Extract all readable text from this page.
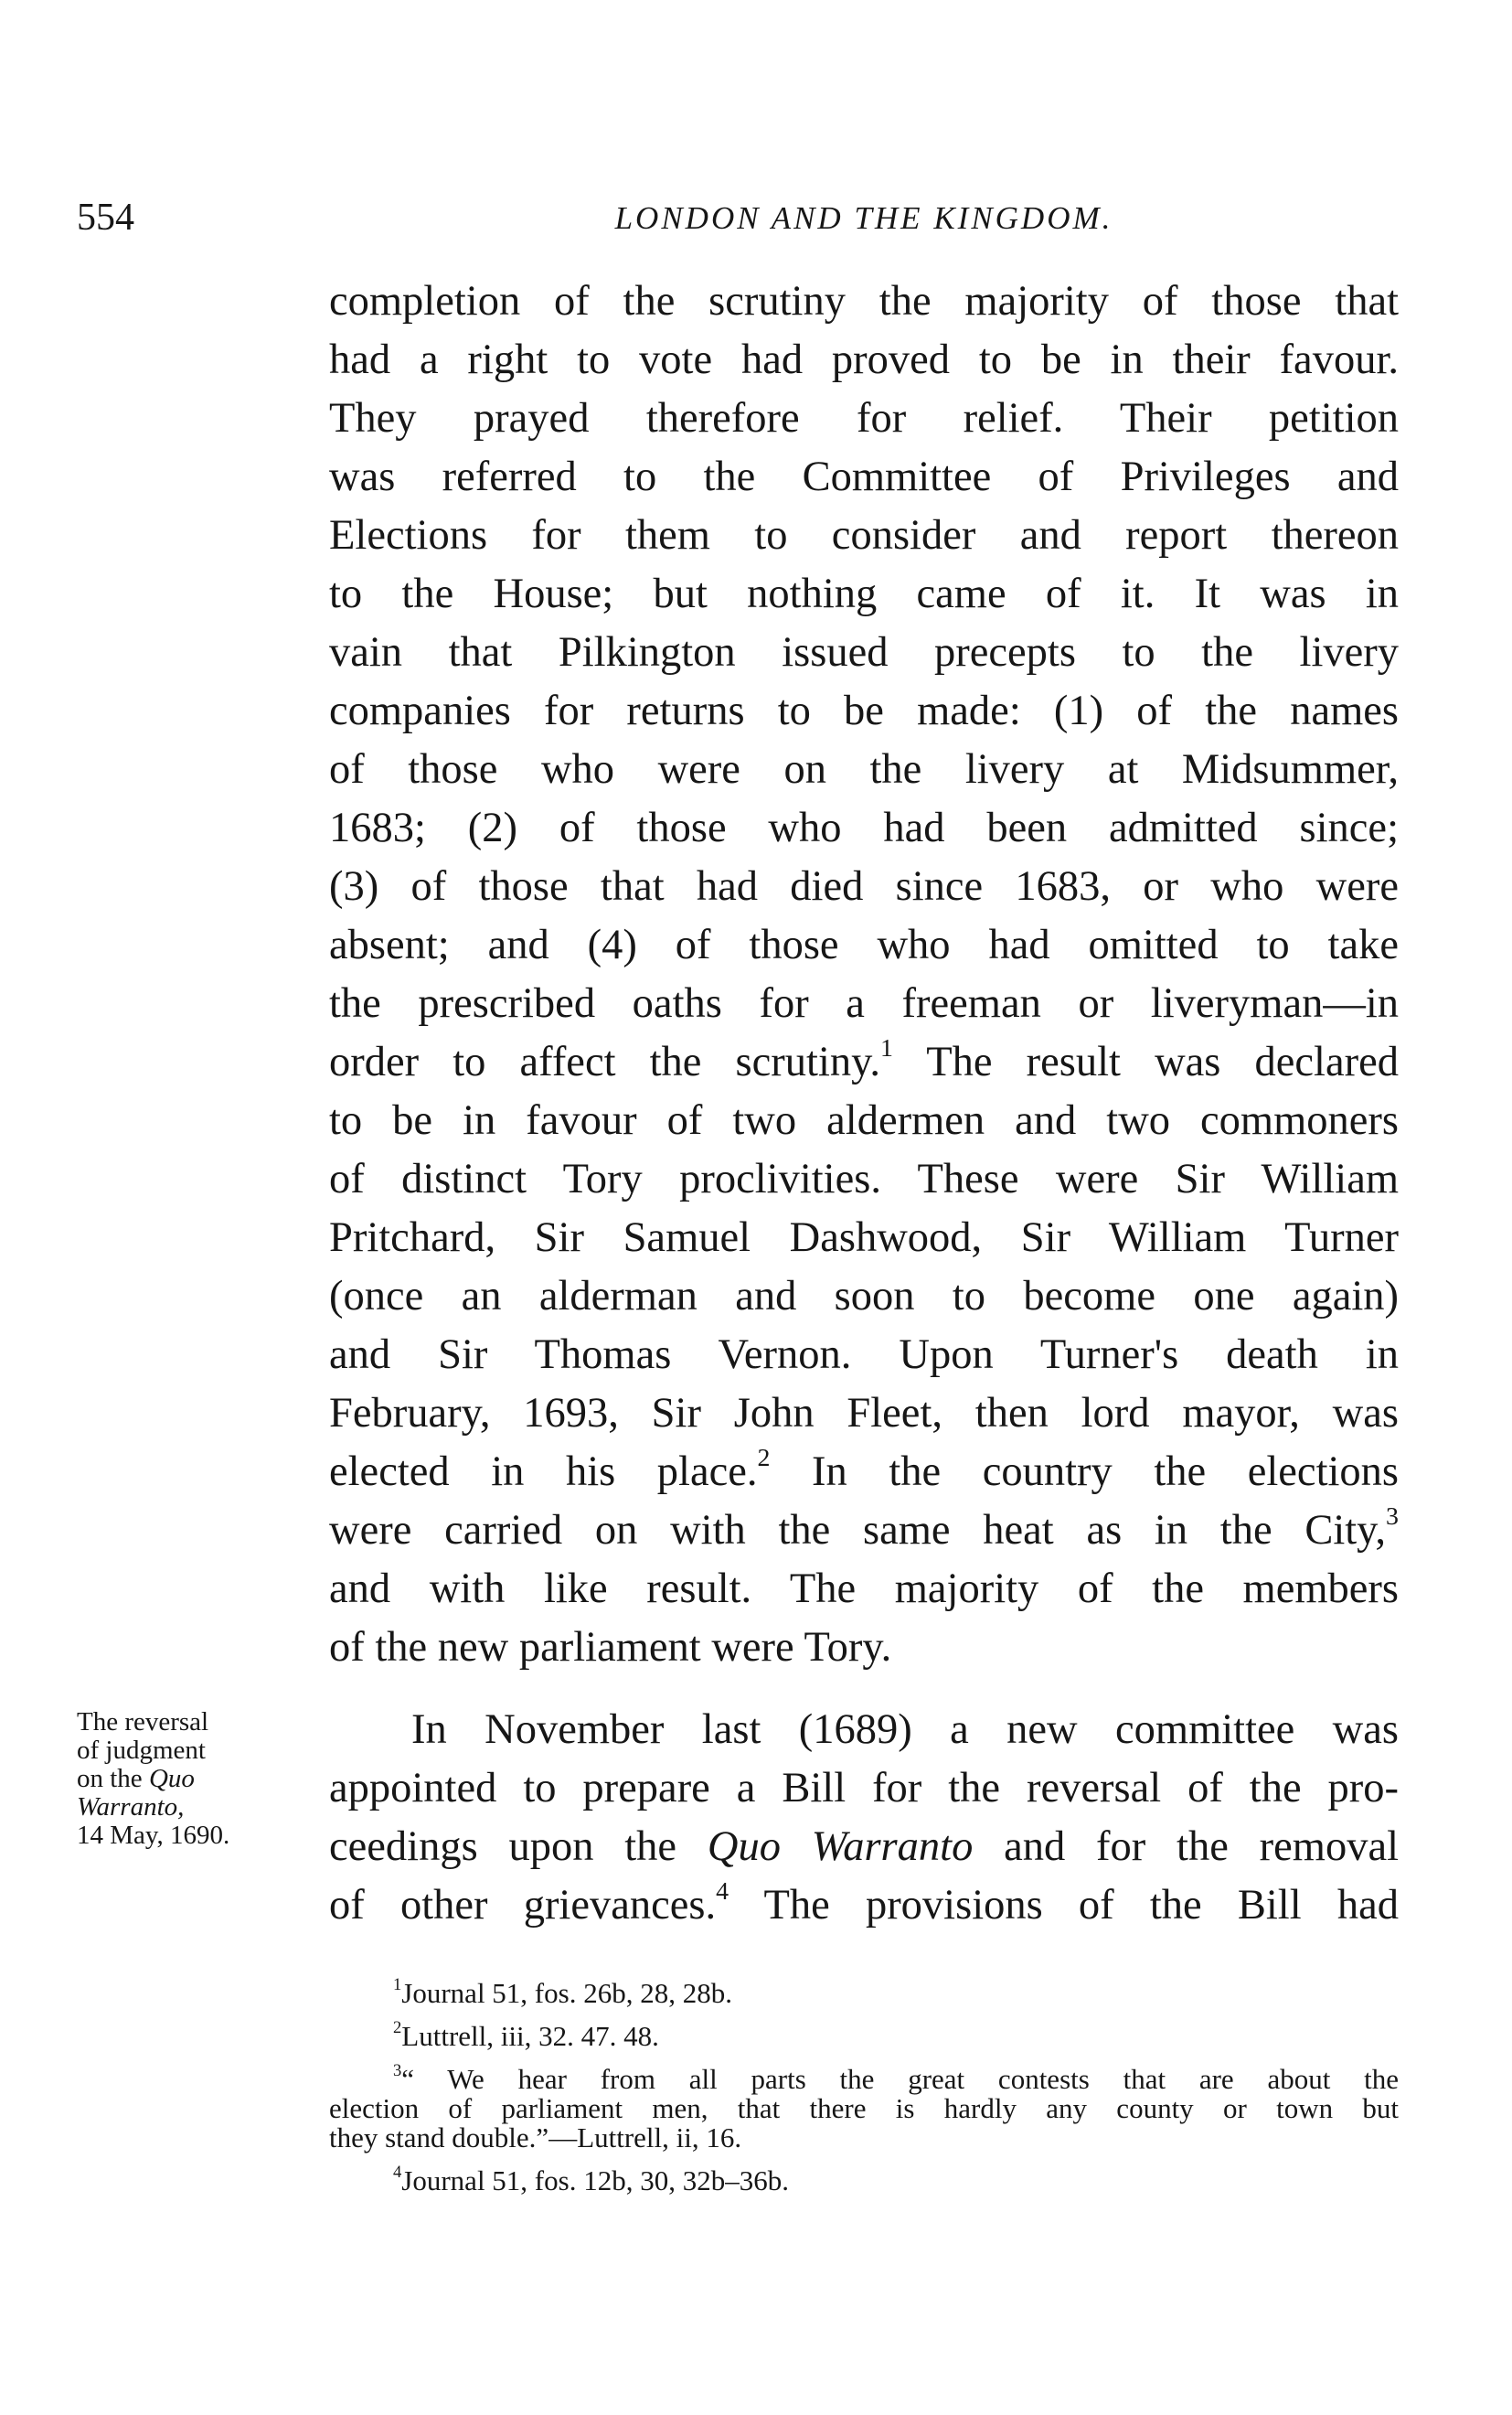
554	LONDON AND THE KINGDOM.
completion of the scrutiny the majority of those that
had a right to vote had proved to be in their favour.
They prayed therefore for relief. Their petition
was referred to the Committee of Privileges and
Elections for them to consider and report thereon
to the House; but nothing came of it. It was in
vain that Pilkington issued precepts to the livery
companies for returns to be made: (1) of the names
of those who were on the livery at Midsummer,
1683; (2) of those who had been admitted since;
(3) of those that had died since 1683, or who were
absent; and (4) of those who had omitted to take
the prescribed oaths for a freeman or liveryman—in
order to affect the scrutiny.$^1$ The result was declared
to be in favour of two aldermen and two commoners
of distinct Tory proclivities. These were Sir William
Pritchard, Sir Samuel Dashwood, Sir William Turner
(once an alderman and soon to become one again)
and Sir Thomas Vernon. Upon Turner's death in
February, 1693, Sir John Fleet, then lord mayor, was
elected in his place.$^2$ In the country the elections
were carried on with the same heat as in the City,$^3$
and with like result. The majority of the members
of the new parliament were Tory.
In November last (1689) a new committee was
appointed to prepare a Bill for the reversal of the pro-
ceedings upon the Quo Warranto and for the removal
of other grievances.$^4$ The provisions of the Bill had
The reversal
of judgment
on the Quo
Warranto,
14 May, 1690.
$^1$Journal 51, fos. 26b, 28, 28b.
$^2$Luttrell, iii, 32. 47. 48.
$^3$“ We hear from all parts the great contests that are about the
election of parliament men, that there is hardly any county or town but
they stand double.”—Luttrell, ii, 16.
$^4$Journal 51, fos. 12b, 30, 32b–36b.
